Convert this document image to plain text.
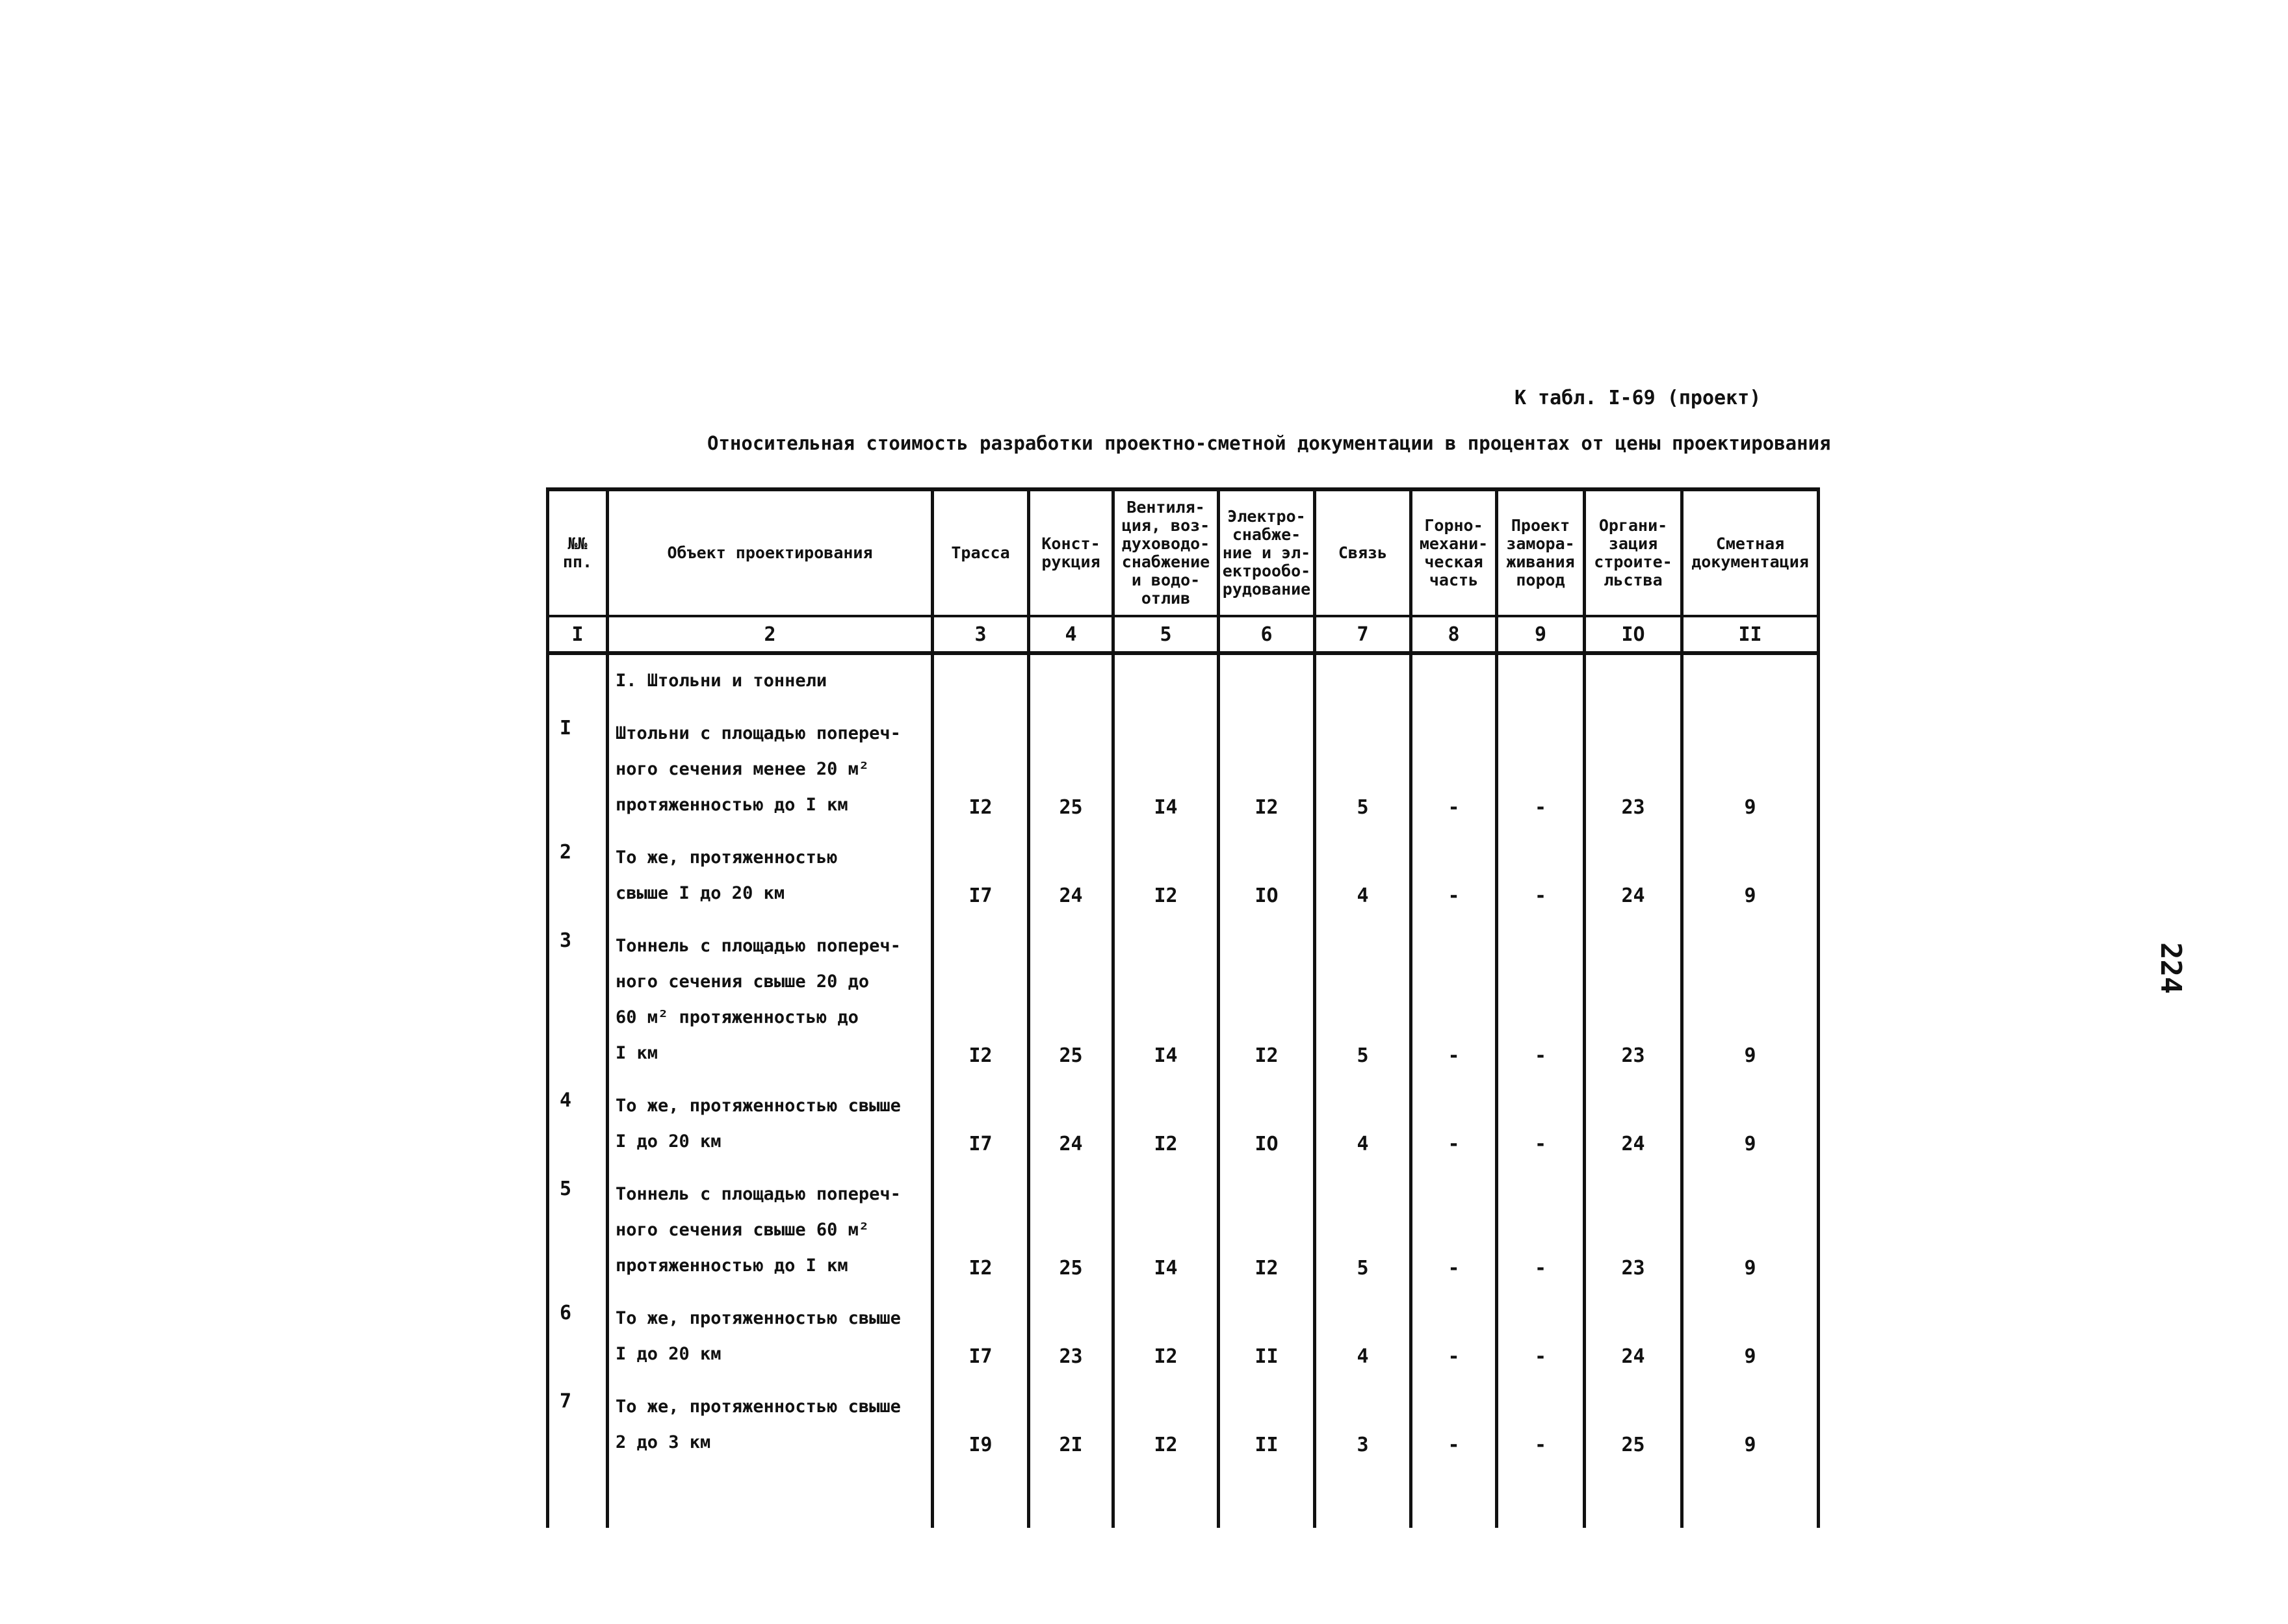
К табл. I-69 (проект)
Относительная стоимость разработки проектно-сметной документации в процентах от цены проектирования
224
№№ пп.	Объект проектирования	Трасса	Конст-рукция	Вентиля-ция, воз-духоводо-снабжение и водо-отлив	Электро-снабже-ние и эл-ектрообо-рудование	Связь	Горно-механи-ческая часть	Проект замора-живания пород	Органи-зация строите-льства	Сметная документация
I	2	3	4	5	6	7	8	9	IO	II
	I. Штольни и тоннели									
I	Штольни с площадью попереч-
ного сечения менее 20 м²
протяженностью до I км	I2	25	I4	I2	5	-	-	23	9
2	То же, протяженностью
свыше I до 20 км	I7	24	I2	IO	4	-	-	24	9
3	Тоннель с площадью попереч-
ного сечения свыше 20 до
60 м² протяженностью до
I км	I2	25	I4	I2	5	-	-	23	9
4	То же, протяженностью свыше
I до 20 км	I7	24	I2	IO	4	-	-	24	9
5	Тоннель с площадью попереч-
ного сечения свыше 60 м²
протяженностью до I км	I2	25	I4	I2	5	-	-	23	9
6	То же, протяженностью свыше
I до 20 км	I7	23	I2	II	4	-	-	24	9
7	То же, протяженностью свыше
2 до 3 км	I9	2I	I2	II	3	-	-	25	9
